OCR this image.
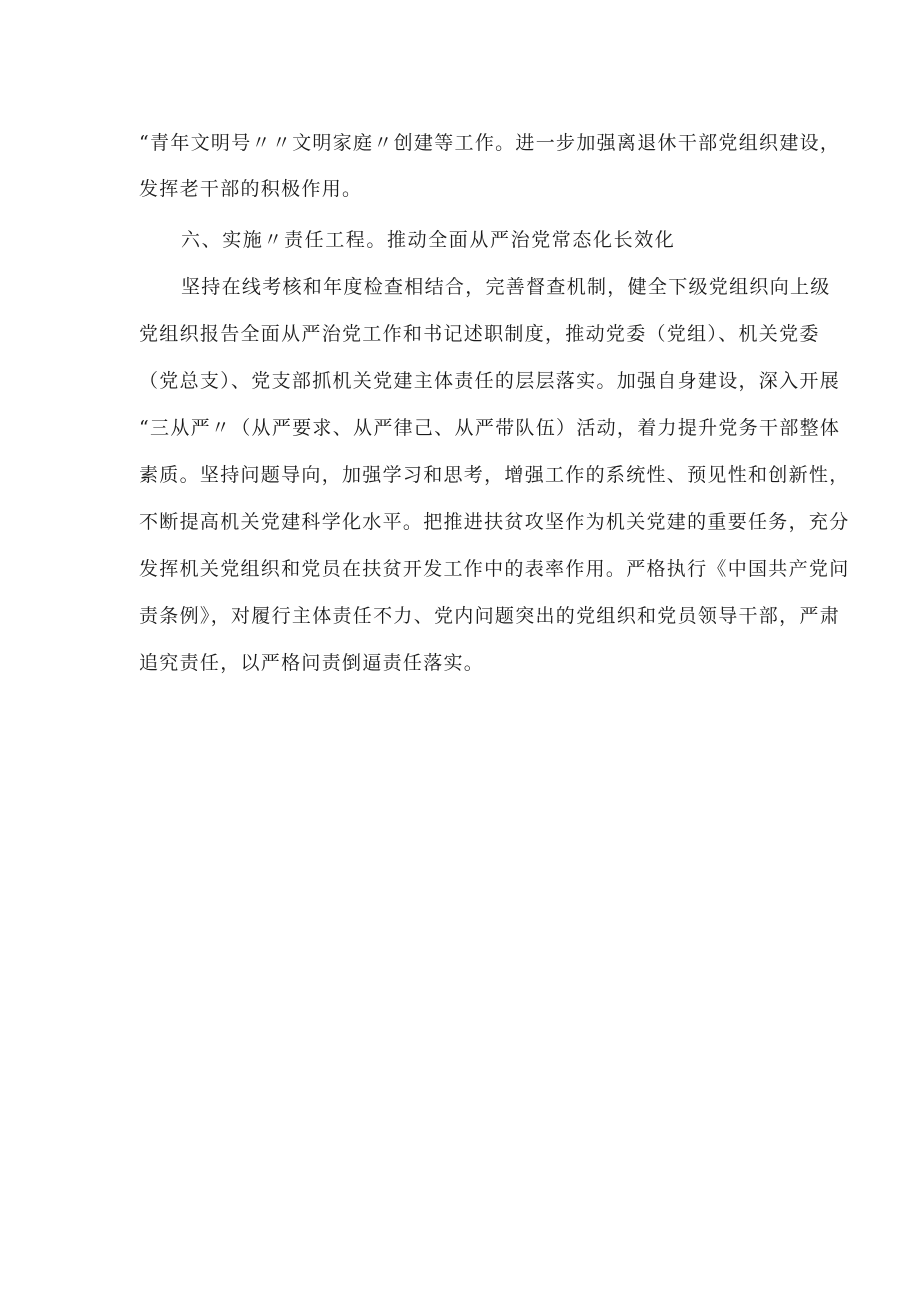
“青年文明号〃〃文明家庭〃创建等工作。进一步加强离退休干部党组织建设，
发挥老干部的积极作用。
六、实施〃责任工程。推动全面从严治党常态化长效化
坚持在线考核和年度检查相结合，完善督查机制，健全下级党组织向上级
党组织报告全面从严治党工作和书记述职制度，推动党委（党组）、机关党委
（党总支）、党支部抓机关党建主体责任的层层落实。加强自身建设，深入开展
“三从严〃（从严要求、从严律己、从严带队伍）活动，着力提升党务干部整体
素质。坚持问题导向，加强学习和思考，增强工作的系统性、预见性和创新性，
不断提高机关党建科学化水平。把推进扶贫攻坚作为机关党建的重要任务，充分
发挥机关党组织和党员在扶贫开发工作中的表率作用。严格执行《中国共产党问
责条例》，对履行主体责任不力、党内问题突出的党组织和党员领导干部，严肃
追究责任，以严格问责倒逼责任落实。
